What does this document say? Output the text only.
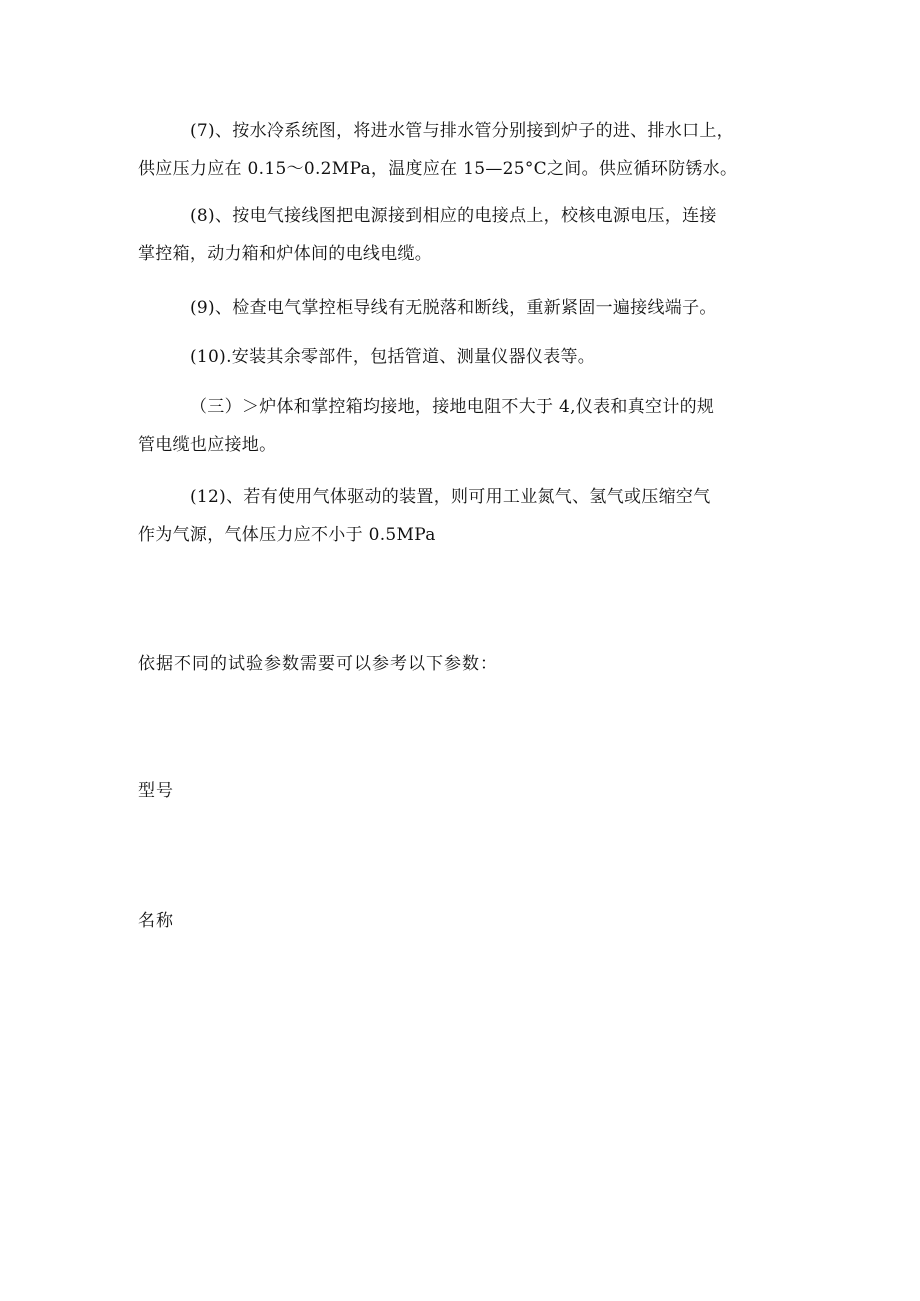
(7)、按水冷系统图，将进水管与排水管分别接到炉子的进、排水口上，
供应压力应在 0.15～0.2MPa，温度应在 15—25°C之间。供应循环防锈水。

(8)、按电气接线图把电源接到相应的电接点上，校核电源电压，连接
掌控箱，动力箱和炉体间的电线电缆。

(9)、检查电气掌控柜导线有无脱落和断线，重新紧固一遍接线端子。

(10).安装其余零部件，包括管道、测量仪器仪表等。

（三）＞炉体和掌控箱均接地，接地电阻不大于 4,仪表和真空计的规
管电缆也应接地。

(12)、若有使用气体驱动的装置，则可用工业氮气、氢气或压缩空气
作为气源，气体压力应不小于 0.5MPa

依据不同的试验参数需要可以参考以下参数：

型号

名称
